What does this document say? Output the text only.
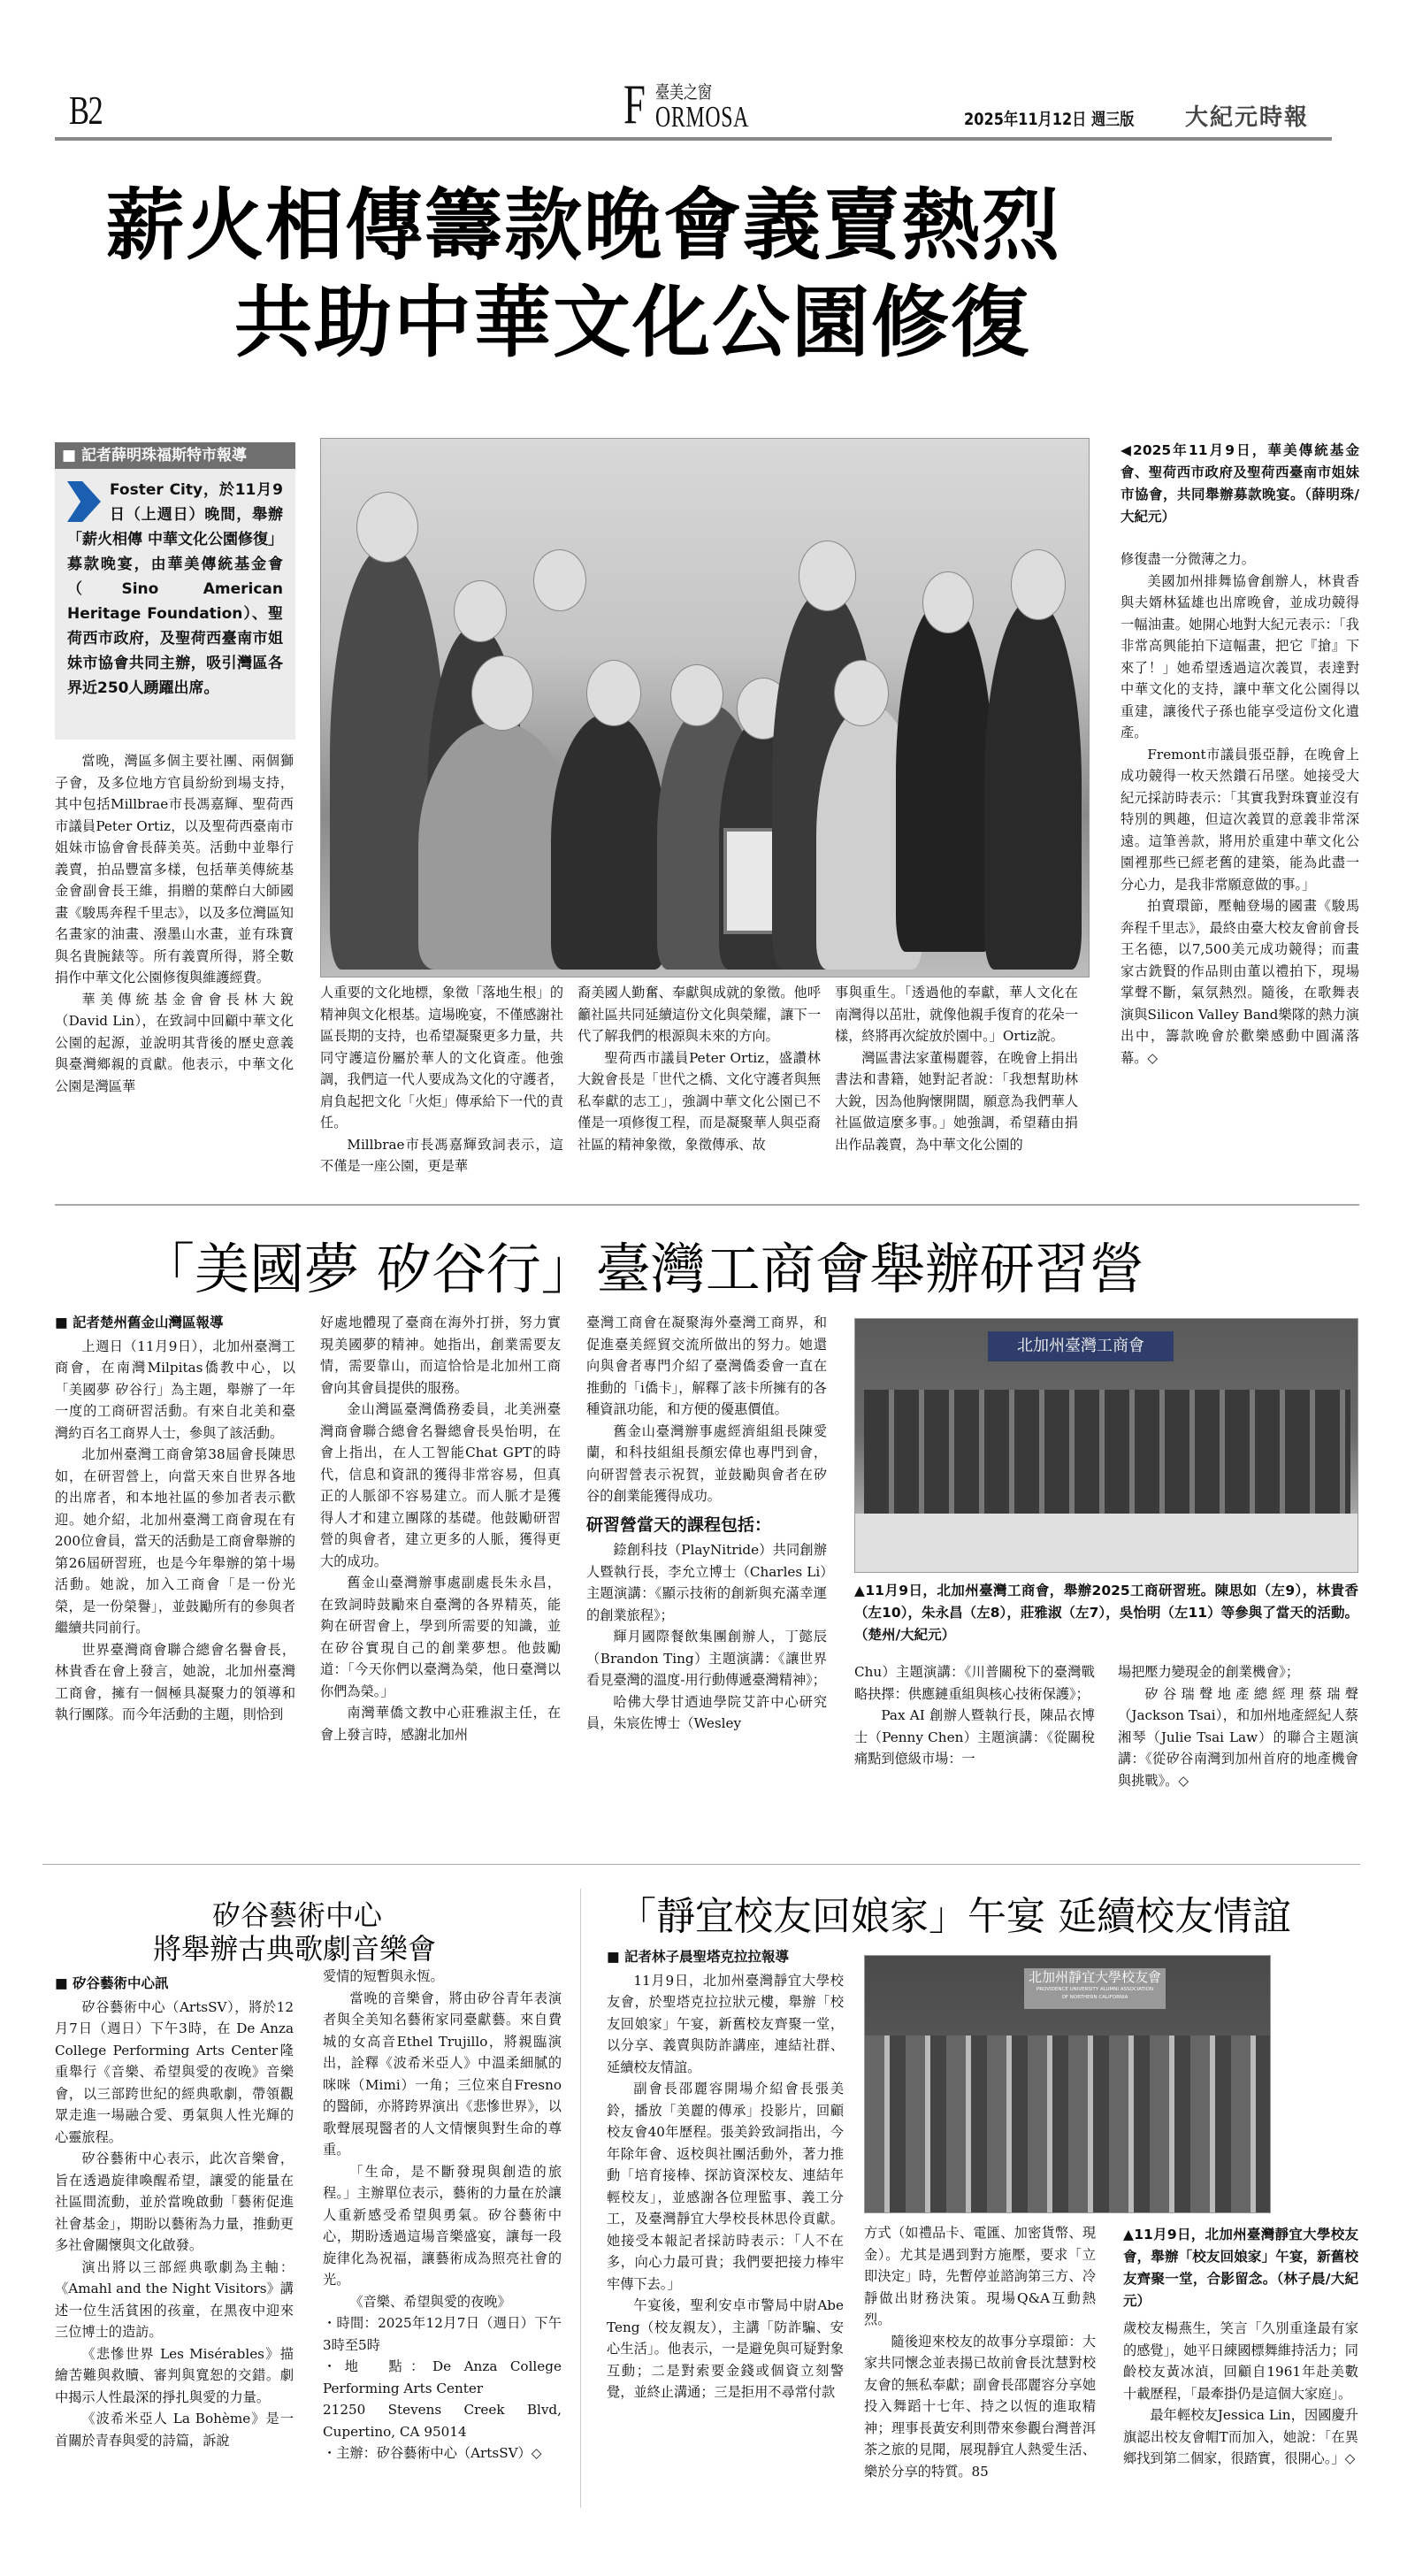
B2	F 臺美之窗
ORMOSA	2025年11月12日 週三版 大紀元時報
薪火相傳籌款晚會義賣熱烈
共助中華文化公園修復
■ 記者薛明珠福斯特市報導
Foster City，於11月9日（上週日）晚間，舉辦「薪火相傳 中華文化公園修復」募款晚宴，由華美傳統基金會（Sino American Heritage Foundation）、聖荷西市政府，及聖荷西臺南市姐妹市協會共同主辦，吸引灣區各界近250人踴躍出席。

當晚，灣區多個主要社團、兩個獅子會，及多位地方官員紛紛到場支持，其中包括Millbrae市長馮嘉輝、聖荷西市議員Peter Ortiz，以及聖荷西臺南市姐妹市協會會長薛美英。活動中並舉行義賣，拍品豐富多樣，包括華美傳統基金會副會長王維，捐贈的葉醉白大師國畫《駿馬奔程千里志》，以及多位灣區知名畫家的油畫、潑墨山水畫，並有珠寶與名貴腕錶等。所有義賣所得，將全數捐作中華文化公園修復與維護經費。

華美傳統基金會會長林大銳（David Lin），在致詞中回顧中華文化公園的起源，並說明其背後的歷史意義與臺灣鄉親的貢獻。他表示，中華文化公園是灣區華

人重要的文化地標，象徵「落地生根」的精神與文化根基。這場晚宴，不僅感謝社區長期的支持，也希望凝聚更多力量，共同守護這份屬於華人的文化資產。他強調，我們這一代人要成為文化的守護者，肩負起把文化「火炬」傳承給下一代的責任。

Millbrae市長馮嘉輝致詞表示，這不僅是一座公園，更是華

裔美國人勤奮、奉獻與成就的象徵。他呼籲社區共同延續這份文化與榮耀，讓下一代了解我們的根源與未來的方向。

聖荷西市議員Peter Ortiz，盛讚林大銳會長是「世代之橋、文化守護者與無私奉獻的志工」，強調中華文化公園已不僅是一項修復工程，而是凝聚華人與亞裔社區的精神象徵，象徵傳承、故

事與重生。「透過他的奉獻，華人文化在南灣得以茁壯，就像他親手復育的花朵一樣，終將再次綻放於園中。」Ortiz說。

灣區書法家董楊麗蓉，在晚會上捐出書法和書籍，她對記者說：「我想幫助林大銳，因為他胸懷開闊，願意為我們華人社區做這麼多事。」她強調，希望藉由捐出作品義賣，為中華文化公園的

◀2025年11月9日，華美傳統基金會、聖荷西市政府及聖荷西臺南市姐妹市協會，共同舉辦募款晚宴。（薛明珠/大紀元）

修復盡一分微薄之力。

美國加州排舞協會創辦人，林貴香與夫婿林猛雄也出席晚會，並成功競得一幅油畫。她開心地對大紀元表示：「我非常高興能拍下這幅畫，把它『搶』下來了！」她希望透過這次義買，表達對中華文化的支持，讓中華文化公園得以重建，讓後代子孫也能享受這份文化遺產。

Fremont市議員張亞靜，在晚會上成功競得一枚天然鑽石吊墜。她接受大紀元採訪時表示：「其實我對珠寶並沒有特別的興趣，但這次義買的意義非常深遠。這筆善款，將用於重建中華文化公園裡那些已經老舊的建築，能為此盡一分心力，是我非常願意做的事。」

拍賣環節，壓軸登場的國畫《駿馬奔程千里志》，最終由臺大校友會前會長王名德，以7,500美元成功競得；而畫家古銑賢的作品則由董以禮拍下，現場掌聲不斷，氣氛熱烈。隨後，在歌舞表演與Silicon Valley Band樂隊的熱力演出中，籌款晚會於歡樂感動中圓滿落幕。◇

「美國夢 矽谷行」臺灣工商會舉辦研習營
■ 記者楚州舊金山灣區報導

上週日（11月9日），北加州臺灣工商會，在南灣Milpitas僑教中心，以「美國夢 矽谷行」為主題，舉辦了一年一度的工商研習活動。有來自北美和臺灣約百名工商界人士，參與了該活動。

北加州臺灣工商會第38屆會長陳思如，在研習營上，向當天來自世界各地的出席者，和本地社區的參加者表示歡迎。她介紹，北加州臺灣工商會現在有200位會員，當天的活動是工商會舉辦的第26屆研習班，也是今年舉辦的第十場活動。她說，加入工商會「是一份光榮，是一份榮譽」，並鼓勵所有的參與者繼續共同前行。

世界臺灣商會聯合總會名譽會長，林貴香在會上發言，她說，北加州臺灣工商會，擁有一個極具凝聚力的領導和執行團隊。而今年活動的主題，則恰到

好處地體現了臺商在海外打拼，努力實現美國夢的精神。她指出，創業需要友情，需要靠山，而這恰恰是北加州工商會向其會員提供的服務。

金山灣區臺灣僑務委員，北美洲臺灣商會聯合總會名譽總會長吳怡明，在會上指出，在人工智能Chat GPT的時代，信息和資訊的獲得非常容易，但真正的人脈卻不容易建立。而人脈才是獲得人才和建立團隊的基礎。他鼓勵研習營的與會者，建立更多的人脈，獲得更大的成功。

舊金山臺灣辦事處副處長朱永昌，在致詞時鼓勵來自臺灣的各界精英，能夠在研習會上，學到所需要的知識，並在矽谷實現自己的創業夢想。他鼓勵道：「今天你們以臺灣為榮，他日臺灣以你們為榮。」

南灣華僑文教中心莊雅淑主任，在會上發言時，感謝北加州

臺灣工商會在凝聚海外臺灣工商界，和促進臺美經貿交流所做出的努力。她還向與會者專門介紹了臺灣僑委會一直在推動的「i僑卡」，解釋了該卡所擁有的各種資訊功能，和方便的優惠價值。

舊金山臺灣辦事處經濟組組長陳愛蘭，和科技組組長顏宏偉也專門到會，向研習營表示祝賀，並鼓勵與會者在矽谷的創業能獲得成功。

研習營當天的課程包括：

錼創科技（PlayNitride）共同創辦人暨執行長，李允立博士（Charles Li）主題演講：《顯示技術的創新與充滿幸運的創業旅程》；

輝月國際餐飲集團創辦人，丁懿辰（Brandon Ting）主題演講：《讓世界看見臺灣的溫度-用行動傳遞臺灣精神》；

哈佛大學甘迺迪學院艾許中心研究員，朱宸佐博士（Wesley

北加州臺灣工商會
▲11月9日，北加州臺灣工商會，舉辦2025工商研習班。陳思如（左9），林貴香（左10），朱永昌（左8），莊雅淑（左7），吳怡明（左11）等參與了當天的活動。（楚州/大紀元）

Chu）主題演講：《川普關稅下的臺灣戰略抉擇：供應鏈重組與核心技術保護》；

Pax AI 創辦人暨執行長，陳品衣博士（Penny Chen）主題演講：《從關稅痛點到億級市場：一

場把壓力變現金的創業機會》；

矽谷瑞聲地產總經理蔡瑞聲（Jackson Tsai），和加州地產經紀人蔡湘琴（Julie Tsai Law）的聯合主題演講：《從矽谷南灣到加州首府的地產機會與挑戰》。◇

矽谷藝術中心
將舉辦古典歌劇音樂會
■ 矽谷藝術中心訊

矽谷藝術中心（ArtsSV），將於12月7日（週日）下午3時，在 De Anza College Performing Arts Center隆重舉行《音樂、希望與愛的夜晚》音樂會，以三部跨世紀的經典歌劇，帶領觀眾走進一場融合愛、勇氣與人性光輝的心靈旅程。

矽谷藝術中心表示，此次音樂會，旨在透過旋律喚醒希望，讓愛的能量在社區間流動，並於當晚啟動「藝術促進社會基金」，期盼以藝術為力量，推動更多社會關懷與文化啟發。

演出將以三部經典歌劇為主軸：《Amahl and the Night Visitors》講述一位生活貧困的孩童，在黑夜中迎來三位博士的造訪。

《悲慘世界 Les Misérables》描繪苦難與救贖、審判與寬恕的交錯。劇中揭示人性最深的掙扎與愛的力量。

《波希米亞人 La Bohème》是一首關於青春與愛的詩篇，訴說

愛情的短暫與永恆。

當晚的音樂會，將由矽谷青年表演者與全美知名藝術家同臺獻藝。來自費城的女高音Ethel Trujillo，將親臨演出，詮釋《波希米亞人》中溫柔細膩的咪咪（Mimi）一角；三位來自Fresno的醫師，亦將跨界演出《悲慘世界》，以歌聲展現醫者的人文情懷與對生命的尊重。

「生命，是不斷發現與創造的旅程。」主辦單位表示，藝術的力量在於讓人重新感受希望與勇氣。矽谷藝術中心，期盼透過這場音樂盛宴，讓每一段旋律化為祝福，讓藝術成為照亮社會的光。

《音樂、希望與愛的夜晚》

・時間：2025年12月7日（週日）下午3時至5時

・地　點：De Anza College Performing Arts Center

21250 Stevens Creek Blvd, Cupertino, CA 95014

・主辦：矽谷藝術中心（ArtsSV）◇

「靜宜校友回娘家」午宴 延續校友情誼
■ 記者林子晨聖塔克拉拉報導

11月9日，北加州臺灣靜宜大學校友會，於聖塔克拉拉狀元樓，舉辦「校友回娘家」午宴，新舊校友齊聚一堂，以分享、義賣與防詐講座，連結社群、延續校友情誼。

副會長邵麗容開場介紹會長張美鈴，播放「美麗的傳承」投影片，回顧校友會40年歷程。張美鈴致詞指出，今年除年會、返校與社團活動外，著力推動「培育接棒、探訪資深校友、連結年輕校友」，並感謝各位理監事、義工分工，及臺灣靜宜大學校長林思伶貢獻。她接受本報記者採訪時表示：「人不在多，向心力最可貴；我們要把接力棒牢牢傳下去。」

午宴後，聖利安卓市警局中尉Abe Teng（校友親友），主講「防詐騙、安心生活」。他表示，一是避免與可疑對象互動；二是對索要金錢或個資立刻警覺，並終止溝通；三是拒用不尋常付款

北加州靜宜大學校友會
PROVIDENCE UNIVERSITY ALUMNI ASSOCIATION
OF NORTHERN CALIFORNIA

方式（如禮品卡、電匯、加密貨幣、現金）。尤其是遇到對方施壓，要求「立即決定」時，先暫停並諮詢第三方、冷靜做出財務決策。現場Q&A互動熱烈。

隨後迎來校友的故事分享環節：大家共同懷念並表揚已故前會長沈慧對校友會的無私奉獻；副會長邵麗容分享她投入舞蹈十七年、持之以恆的進取精神；理事長黃安利則帶來參觀台灣普洱茶之旅的見聞，展現靜宜人熱愛生活、樂於分享的特質。85

▲11月9日，北加州臺灣靜宜大學校友會，舉辦「校友回娘家」午宴，新舊校友齊聚一堂，合影留念。（林子晨/大紀元）

歲校友楊燕生，笑言「久別重逢最有家的感覺」，她平日練國標舞維持活力；同齡校友黃冰湞，回顧自1961年赴美數十載歷程，「最牽掛仍是這個大家庭」。

最年輕校友Jessica Lin，因國慶升旗認出校友會帽T而加入，她說：「在異鄉找到第二個家，很踏實，很開心。」◇
